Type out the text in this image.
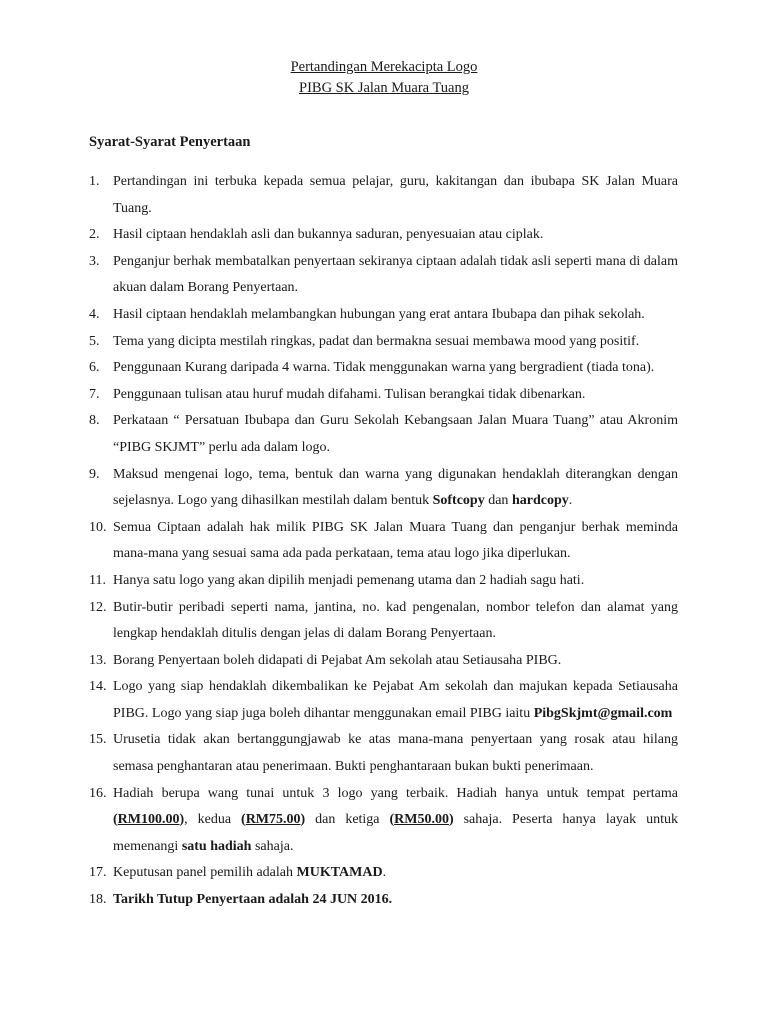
Pertandingan Merekacipta Logo
PIBG SK Jalan Muara Tuang
Syarat-Syarat Penyertaan
1. Pertandingan ini terbuka kepada semua pelajar, guru, kakitangan dan ibubapa SK Jalan Muara Tuang.
2. Hasil ciptaan hendaklah asli dan bukannya saduran, penyesuaian atau ciplak.
3. Penganjur berhak membatalkan penyertaan sekiranya ciptaan adalah tidak asli seperti mana di dalam akuan dalam Borang Penyertaan.
4. Hasil ciptaan hendaklah melambangkan hubungan yang erat antara Ibubapa dan pihak sekolah.
5. Tema yang dicipta mestilah ringkas, padat dan bermakna sesuai membawa mood yang positif.
6. Penggunaan Kurang daripada 4 warna. Tidak menggunakan warna yang bergradient (tiada tona).
7. Penggunaan tulisan atau huruf mudah difahami. Tulisan berangkai tidak dibenarkan.
8. Perkataan “ Persatuan Ibubapa dan Guru Sekolah Kebangsaan Jalan Muara Tuang” atau Akronim “PIBG SKJMT” perlu ada dalam logo.
9. Maksud mengenai logo, tema, bentuk dan warna yang digunakan hendaklah diterangkan dengan sejelasnya. Logo yang dihasilkan mestilah dalam bentuk Softcopy dan hardcopy.
10. Semua Ciptaan adalah hak milik PIBG SK Jalan Muara Tuang dan penganjur berhak meminda mana-mana yang sesuai sama ada pada perkataan, tema atau logo jika diperlukan.
11. Hanya satu logo yang akan dipilih menjadi pemenang utama dan 2 hadiah sagu hati.
12. Butir-butir peribadi seperti nama, jantina, no. kad pengenalan, nombor telefon dan alamat yang lengkap hendaklah ditulis dengan jelas di dalam Borang Penyertaan.
13. Borang Penyertaan boleh didapati di Pejabat Am sekolah atau Setiausaha PIBG.
14. Logo yang siap hendaklah dikembalikan ke Pejabat Am sekolah dan majukan kepada Setiausaha PIBG. Logo yang siap juga boleh dihantar menggunakan email PIBG iaitu PibgSkjmt@gmail.com
15. Urusetia tidak akan bertanggungjawab ke atas mana-mana penyertaan yang rosak atau hilang semasa penghantaran atau penerimaan. Bukti penghantaraan bukan bukti penerimaan.
16. Hadiah berupa wang tunai untuk 3 logo yang terbaik. Hadiah hanya untuk tempat pertama (RM100.00), kedua (RM75.00) dan ketiga (RM50.00) sahaja. Peserta hanya layak untuk memenangi satu hadiah sahaja.
17. Keputusan panel pemilih adalah MUKTAMAD.
18. Tarikh Tutup Penyertaan adalah 24 JUN 2016.
